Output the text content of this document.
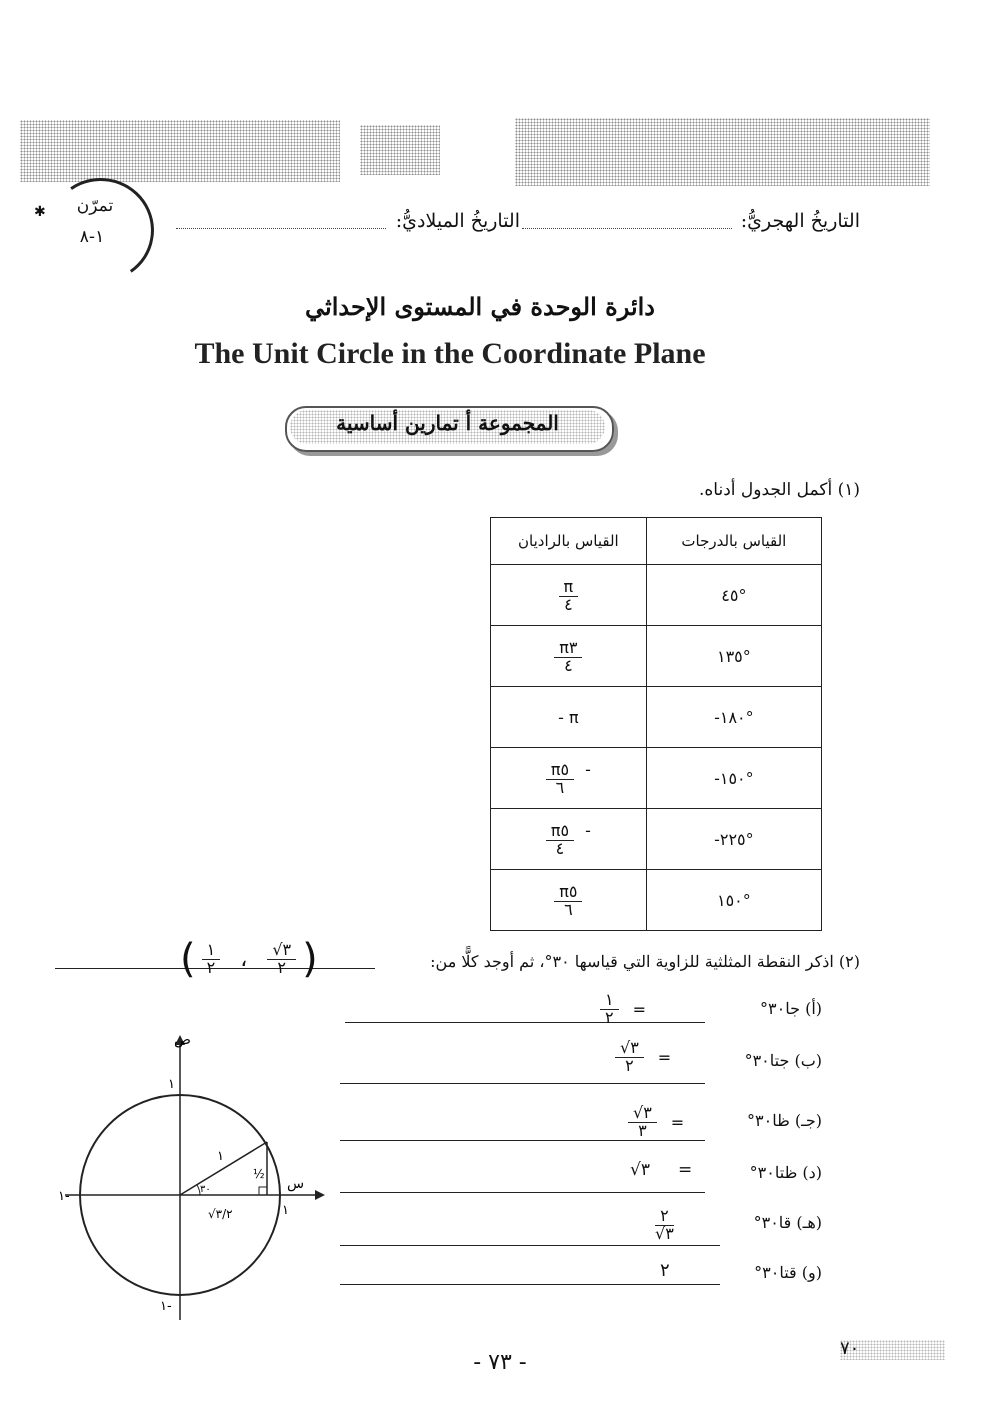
تمرّن
١-٨
✱	التاريخُ الهجريُّ:
التاريخُ الميلاديُّ:
دائرة الوحدة في المستوى الإحداثي
The Unit Circle in the Coordinate Plane
المجموعة أ تمارين أساسية
(١) أكمل الجدول أدناه.
القياس بالراديان	القياس بالدرجات

$\frac{\pi}{٤}$	٤٥°

$\frac{\pi ٣}{٤}$	١٣٥°
- π	-١٨٠°

$\frac{\pi ٥}{٦}$ -	-١٥٠°

$\frac{\pi ٥}{٤}$ -	-٢٢٥°

$\frac{\pi ٥}{٦}$	١٥٠°
(٢) اذكر النقطة المثلثية للزاوية التي قياسها ٣٠°، ثم أوجد كلًّا من:
( $\frac{١}{٢}$ ، $\frac{√٣}{٢}$ )
(أ) جا٣٠°
$\frac{١}{٢}$ =
(ب) جتا٣٠°
$\frac{√٣}{٢}$ =
(جـ) ظا٣٠°
$\frac{√٣}{٣}$ =
(د) ظتا٣٠°
√٣ =
(هـ) قا٣٠°
$\frac{٢}{√٣}$
(و) قتا٣٠°
٢
ص
س
١
١-
١-
١
١
٣٠
½
√٣/٢
- ٧٣ -
٧٠
